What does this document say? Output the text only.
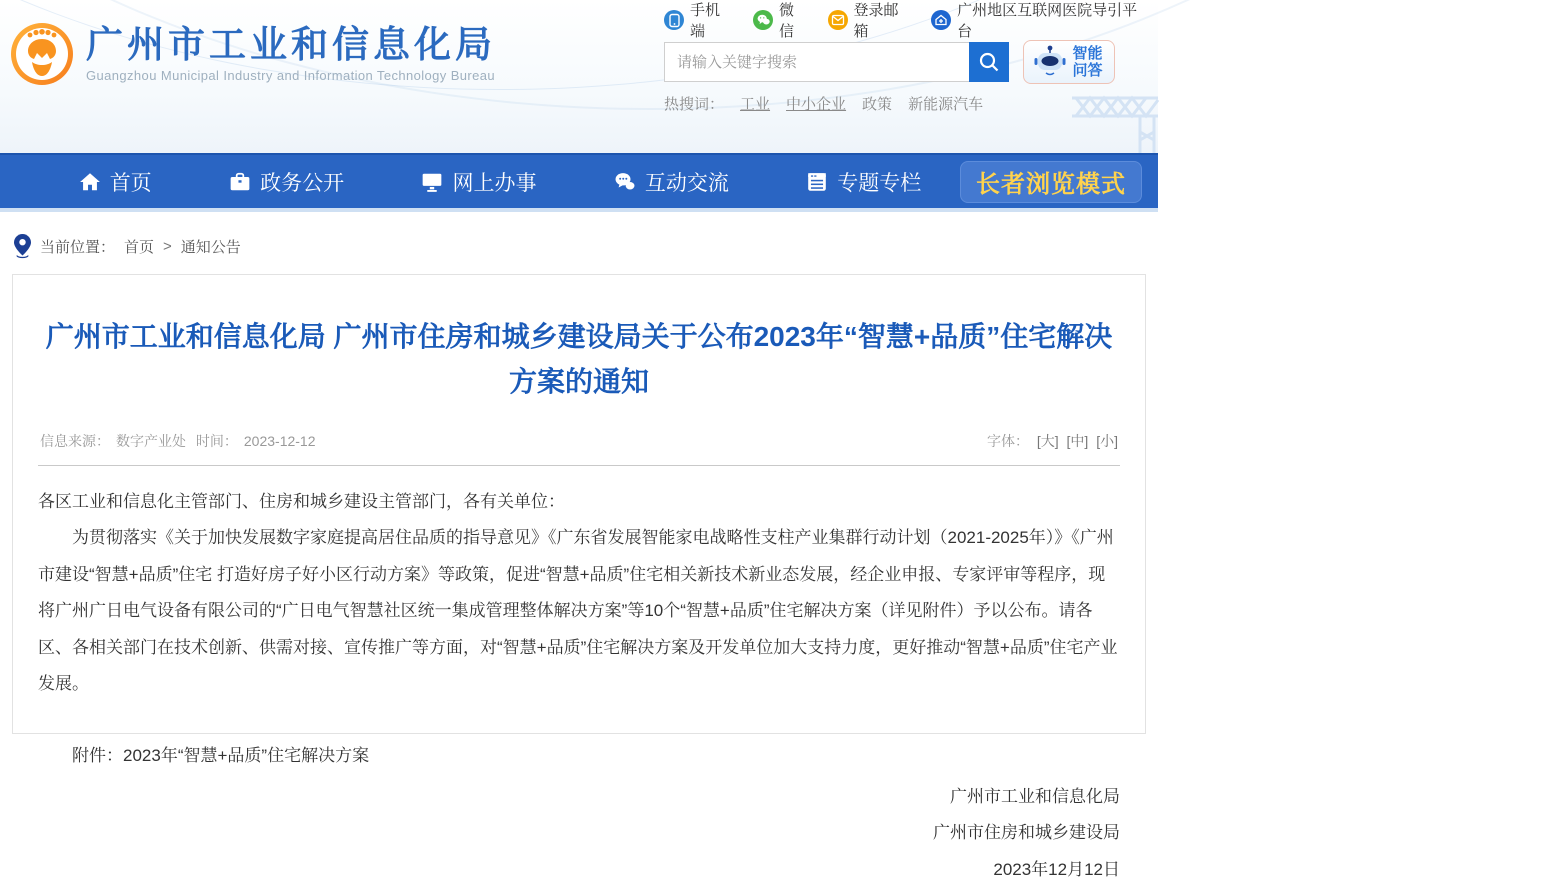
广州市工业和信息化局
Guangzhou Municipal Industry and Information Technology Bureau
手机端
微信
登录邮箱
广州地区互联网医院导引平台
请输入关键字搜索
智能问答
热搜词： 工业 中小企业 政策 新能源汽车
首页	政务公开	网上办事	互动交流	专题专栏	长者浏览模式
当前位置： 首页 > 通知公告
广州市工业和信息化局 广州市住房和城乡建设局关于公布2023年“智慧+品质”住宅解决方案的通知
信息来源： 数字产业处 时间： 2023-12-12	字体： [大] [中] [小]

各区工业和信息化主管部门、住房和城乡建设主管部门，各有关单位：

为贯彻落实《关于加快发展数字家庭提高居住品质的指导意见》《广东省发展智能家电战略性支柱产业集群行动计划（2021-2025年）》《广州市建设“智慧+品质”住宅 打造好房子好小区行动方案》等政策，促进“智慧+品质”住宅相关新技术新业态发展，经企业申报、专家评审等程序，现将广州广日电气设备有限公司的“广日电气智慧社区统一集成管理整体解决方案”等10个“智慧+品质”住宅解决方案（详见附件）予以公布。请各区、各相关部门在技术创新、供需对接、宣传推广等方面，对“智慧+品质”住宅解决方案及开发单位加大支持力度，更好推动“智慧+品质”住宅产业发展。

附件：2023年“智慧+品质”住宅解决方案

广州市工业和信息化局
广州市住房和城乡建设局
2023年12月12日
